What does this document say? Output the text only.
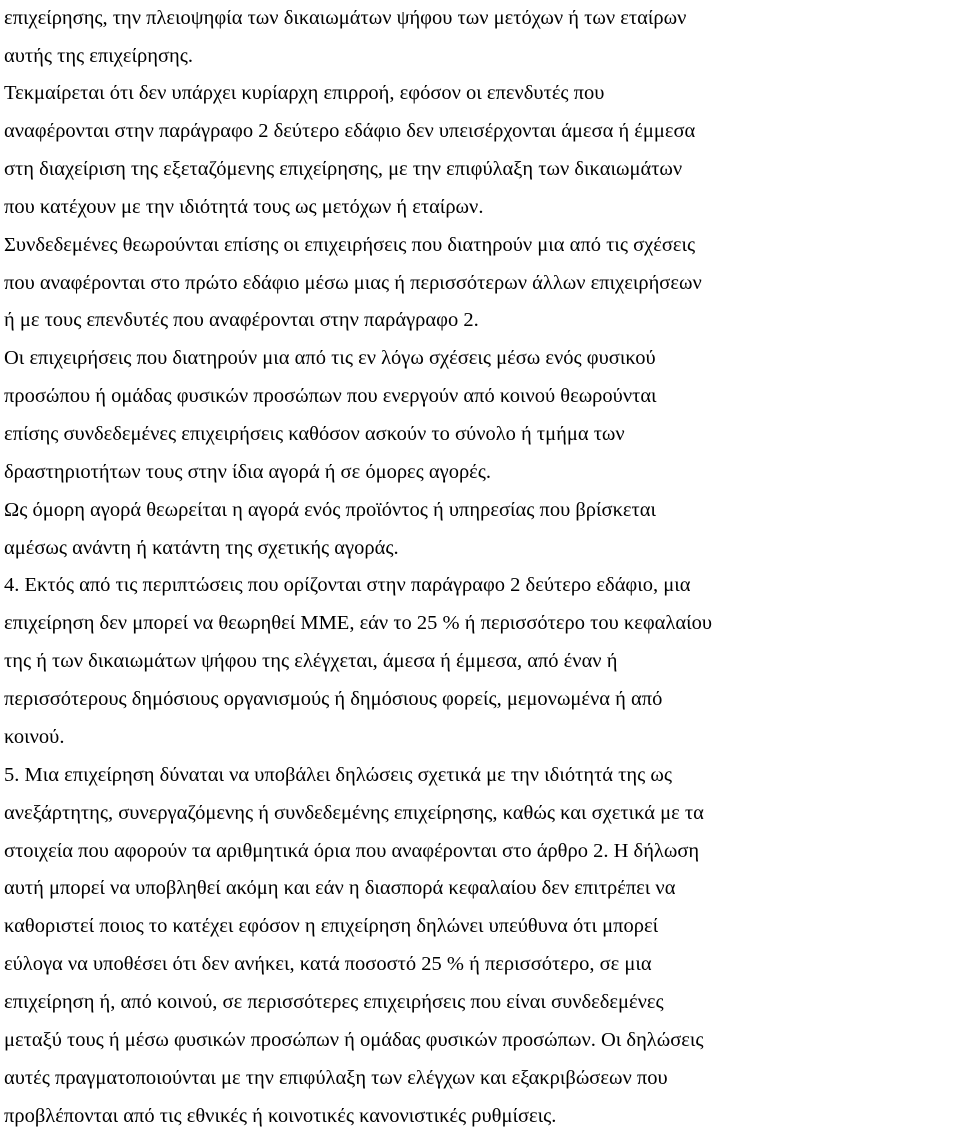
επιχείρησης, την πλειοψηφία των δικαιωμάτων ψήφου των μετόχων ή των εταίρων
αυτής της επιχείρησης.
Τεκμαίρεται ότι δεν υπάρχει κυρίαρχη επιρροή, εφόσον οι επενδυτές που
αναφέρονται στην παράγραφο 2 δεύτερο εδάφιο δεν υπεισέρχονται άμεσα ή έμμεσα
στη διαχείριση της εξεταζόμενης επιχείρησης, με την επιφύλαξη των δικαιωμάτων
που κατέχουν με την ιδιότητά τους ως μετόχων ή εταίρων.
Συνδεδεμένες θεωρούνται επίσης οι επιχειρήσεις που διατηρούν μια από τις σχέσεις
που αναφέρονται στο πρώτο εδάφιο μέσω μιας ή περισσότερων άλλων επιχειρήσεων
ή με τους επενδυτές που αναφέρονται στην παράγραφο 2.
Οι επιχειρήσεις που διατηρούν μια από τις εν λόγω σχέσεις μέσω ενός φυσικού
προσώπου ή ομάδας φυσικών προσώπων που ενεργούν από κοινού θεωρούνται
επίσης συνδεδεμένες επιχειρήσεις καθόσον ασκούν το σύνολο ή τμήμα των
δραστηριοτήτων τους στην ίδια αγορά ή σε όμορες αγορές.
Ως όμορη αγορά θεωρείται η αγορά ενός προϊόντος ή υπηρεσίας που βρίσκεται
αμέσως ανάντη ή κατάντη της σχετικής αγοράς.
4. Εκτός από τις περιπτώσεις που ορίζονται στην παράγραφο 2 δεύτερο εδάφιο, μια
επιχείρηση δεν μπορεί να θεωρηθεί ΜΜΕ, εάν το 25 % ή περισσότερο του κεφαλαίου
της ή των δικαιωμάτων ψήφου της ελέγχεται, άμεσα ή έμμεσα, από έναν ή
περισσότερους δημόσιους οργανισμούς ή δημόσιους φορείς, μεμονωμένα ή από
κοινού.
5. Μια επιχείρηση δύναται να υποβάλει δηλώσεις σχετικά με την ιδιότητά της ως
ανεξάρτητης, συνεργαζόμενης ή συνδεδεμένης επιχείρησης, καθώς και σχετικά με τα
στοιχεία που αφορούν τα αριθμητικά όρια που αναφέρονται στο άρθρο 2. Η δήλωση
αυτή μπορεί να υποβληθεί ακόμη και εάν η διασπορά κεφαλαίου δεν επιτρέπει να
καθοριστεί ποιος το κατέχει εφόσον η επιχείρηση δηλώνει υπεύθυνα ότι μπορεί
εύλογα να υποθέσει ότι δεν ανήκει, κατά ποσοστό 25 % ή περισσότερο, σε μια
επιχείρηση ή, από κοινού, σε περισσότερες επιχειρήσεις που είναι συνδεδεμένες
μεταξύ τους ή μέσω φυσικών προσώπων ή ομάδας φυσικών προσώπων. Οι δηλώσεις
αυτές πραγματοποιούνται με την επιφύλαξη των ελέγχων και εξακριβώσεων που
προβλέπονται από τις εθνικές ή κοινοτικές κανονιστικές ρυθμίσεις.
